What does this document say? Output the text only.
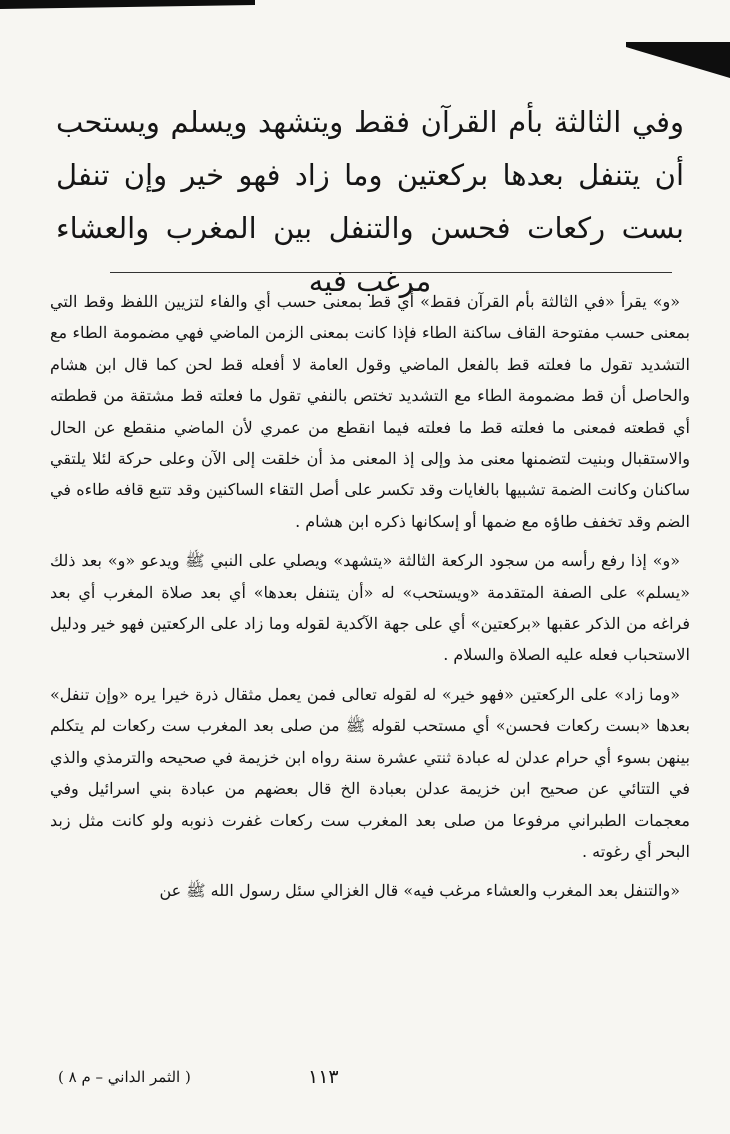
وفي الثالثة بأم القرآن فقط ويتشهد ويسلم ويستحب أن يتنفل بعدها بركعتين وما زاد فهو خير وإن تنفل بست ركعات فحسن والتنفل بين المغرب والعشاء مرغب فيه

«و» يقرأ «في الثالثة بأم القرآن فقط» أي قط بمعنى حسب أي والفاء لتزيين اللفظ وقط التي بمعنى حسب مفتوحة القاف ساكنة الطاء فإذا كانت بمعنى الزمن الماضي فهي مضمومة الطاء مع التشديد تقول ما فعلته قط بالفعل الماضي وقول العامة لا أفعله قط لحن كما قال ابن هشام والحاصل أن قط مضمومة الطاء مع التشديد تختص بالنفي تقول ما فعلته قط مشتقة من قططته أي قطعته فمعنى ما فعلته قط ما فعلته فيما انقطع من عمري لأن الماضي منقطع عن الحال والاستقبال وبنيت لتضمنها معنى مذ وإلى إذ المعنى مذ أن خلقت إلى الآن وعلى حركة لئلا يلتقي ساكنان وكانت الضمة تشبيها بالغايات وقد تكسر على أصل التقاء الساكنين وقد تتبع قافه طاءه في الضم وقد تخفف طاؤه مع ضمها أو إسكانها ذكره ابن هشام .

«و» إذا رفع رأسه من سجود الركعة الثالثة «يتشهد» ويصلي على النبي ﷺ ويدعو «و» بعد ذلك «يسلم» على الصفة المتقدمة «ويستحب» له «أن يتنفل بعدها» أي بعد صلاة المغرب أي بعد فراغه من الذكر عقبها «بركعتين» أي على جهة الآكدية لقوله وما زاد على الركعتين فهو خير ودليل الاستحباب فعله عليه الصلاة والسلام .

«وما زاد» على الركعتين «فهو خير» له لقوله تعالى فمن يعمل مثقال ذرة خيرا يره «وإن تنفل» بعدها «بست ركعات فحسن» أي مستحب لقوله ﷺ من صلى بعد المغرب ست ركعات لم يتكلم بينهن بسوء أي حرام عدلن له عبادة ثنتي عشرة سنة رواه ابن خزيمة في صحيحه والترمذي والذي في التتائي عن صحيح ابن خزيمة عدلن بعبادة الخ قال بعضهم من عبادة بني اسرائيل وفي معجمات الطبراني مرفوعا من صلى بعد المغرب ست ركعات غفرت ذنوبه ولو كانت مثل زبد البحر أي رغوته .

«والتنفل بعد المغرب والعشاء مرغب فيه» قال الغزالي سئل رسول الله ﷺ عن

١١٣
( الثمر الداني – م ٨ )
